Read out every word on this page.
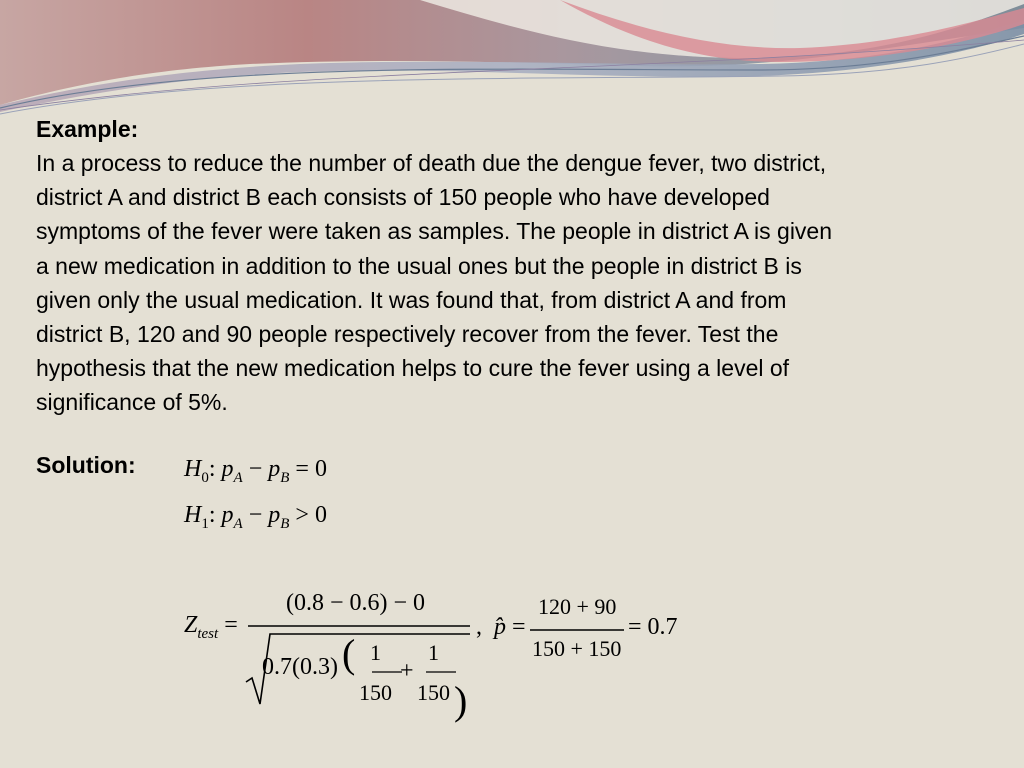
Example:

In a process to reduce the number of death due the dengue fever, two district,

district A and district B each consists of 150 people who have developed

symptoms of the fever were taken as samples. The people in district A is given

a new medication in addition to the usual ones but the people in district B is

given only the usual medication. It was found that, from district A and from

district B, 120 and 90 people respectively recover from the fever. Test the

hypothesis that the new medication helps to cure the fever using a level of

significance of 5%.

Solution: $H_0$: $p_A - p_B = 0$
$H_1$: $p_A - p_B > 0$
$Z_{test}$ =
(0.8 − 0.6) − 0
0.7(0.3) ( 1
150
+
1
150 )
, p̂ =
120 + 90
150 + 150
= 0.7
